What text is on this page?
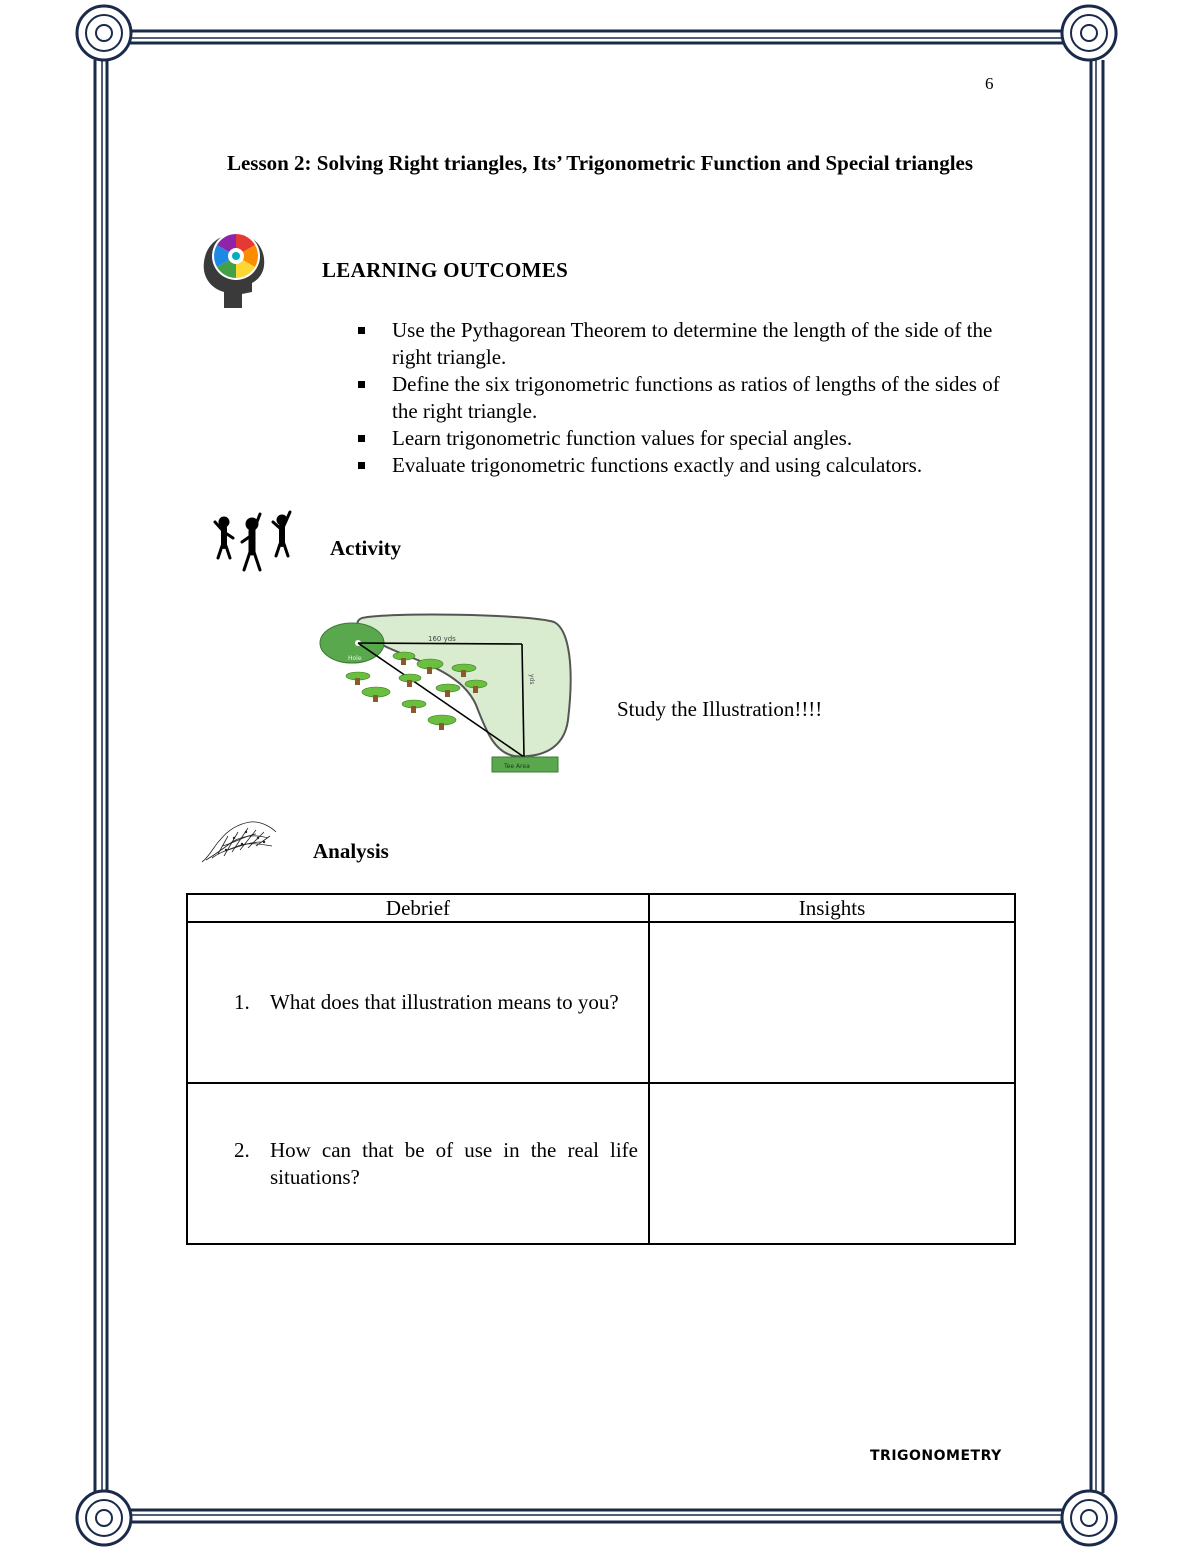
6
Lesson 2: Solving Right triangles, Its’ Trigonometric Function and Special triangles
LEARNING OUTCOMES
Use the Pythagorean Theorem to determine the length of the side of the right triangle.
Define the six trigonometric functions as ratios of lengths of the sides of the right triangle.
Learn trigonometric function values for special angles.
Evaluate trigonometric functions exactly and using calculators.
Activity
Hole
160 yds
yds
Tee Area
Study the Illustration!!!!
Analysis
Debrief	Insights

1. What does that illustration means to you?	

2. How can that be of use in the real life situations?	

TRIGONOMETRY
